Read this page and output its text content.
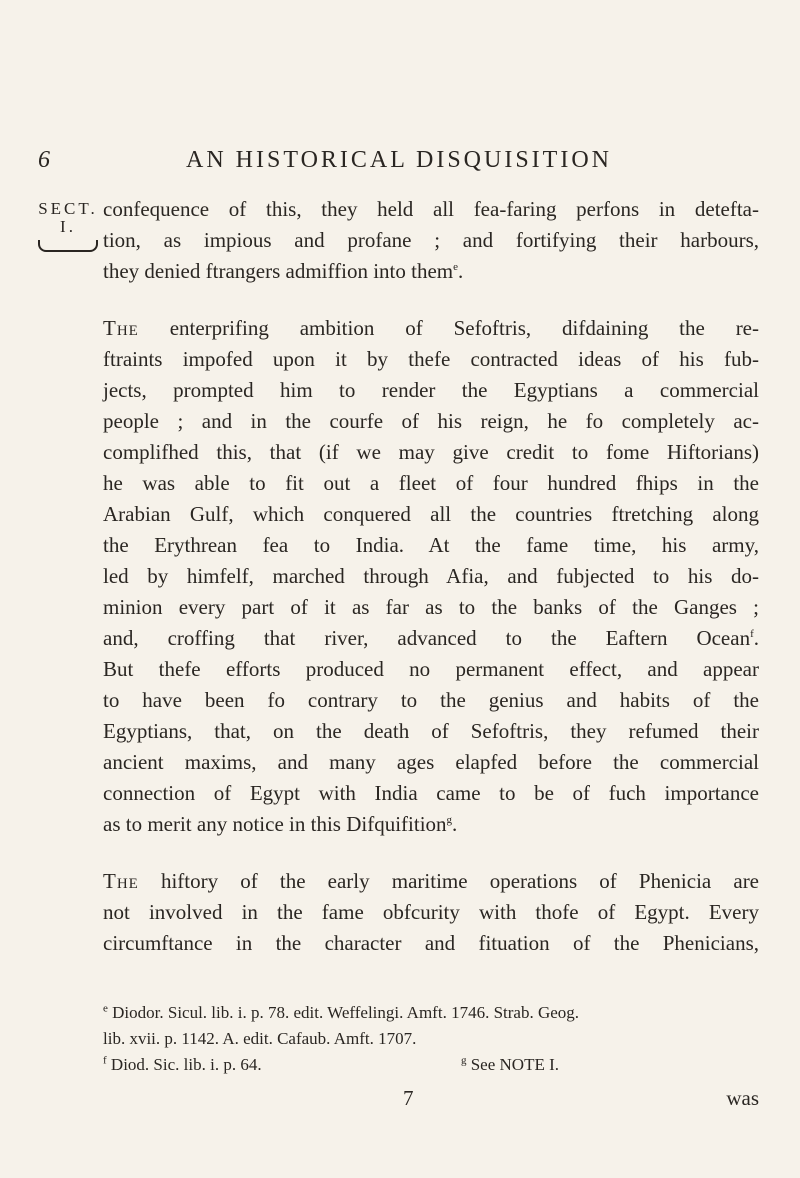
6	AN HISTORICAL DISQUISITION
SECT.
I.

confequence of this, they held all fea-faring perfons in detefta-

tion, as impious and profane ; and fortifying their harbours,

they denied ftrangers admiffion into them$^e$.

The enterprifing ambition of Sefoftris, difdaining the re-

ftraints impofed upon it by thefe contracted ideas of his fub-

jects, prompted him to render the Egyptians a commercial

people ; and in the courfe of his reign, he fo completely ac-

complifhed this, that (if we may give credit to fome Hiftorians)

he was able to fit out a fleet of four hundred fhips in the

Arabian Gulf, which conquered all the countries ftretching along

the Erythrean fea to India. At the fame time, his army,

led by himfelf, marched through Afia, and fubjected to his do-

minion every part of it as far as to the banks of the Ganges ;

and, croffing that river, advanced to the Eaftern Ocean$^f$.

But thefe efforts produced no permanent effect, and appear

to have been fo contrary to the genius and habits of the

Egyptians, that, on the death of Sefoftris, they refumed their

ancient maxims, and many ages elapfed before the commercial

connection of Egypt with India came to be of fuch importance

as to merit any notice in this Difquifition$^g$.

The hiftory of the early maritime operations of Phenicia are

not involved in the fame obfcurity with thofe of Egypt. Every

circumftance in the character and fituation of the Phenicians,

$^e$ Diodor. Sicul. lib. i. p. 78. edit. Weffelingi. Amft. 1746. Strab. Geog.

lib. xvii. p. 1142. A. edit. Cafaub. Amft. 1707.

$^f$ Diod. Sic. lib. i. p. 64.	$^g$ See NOTE I.
7	was
